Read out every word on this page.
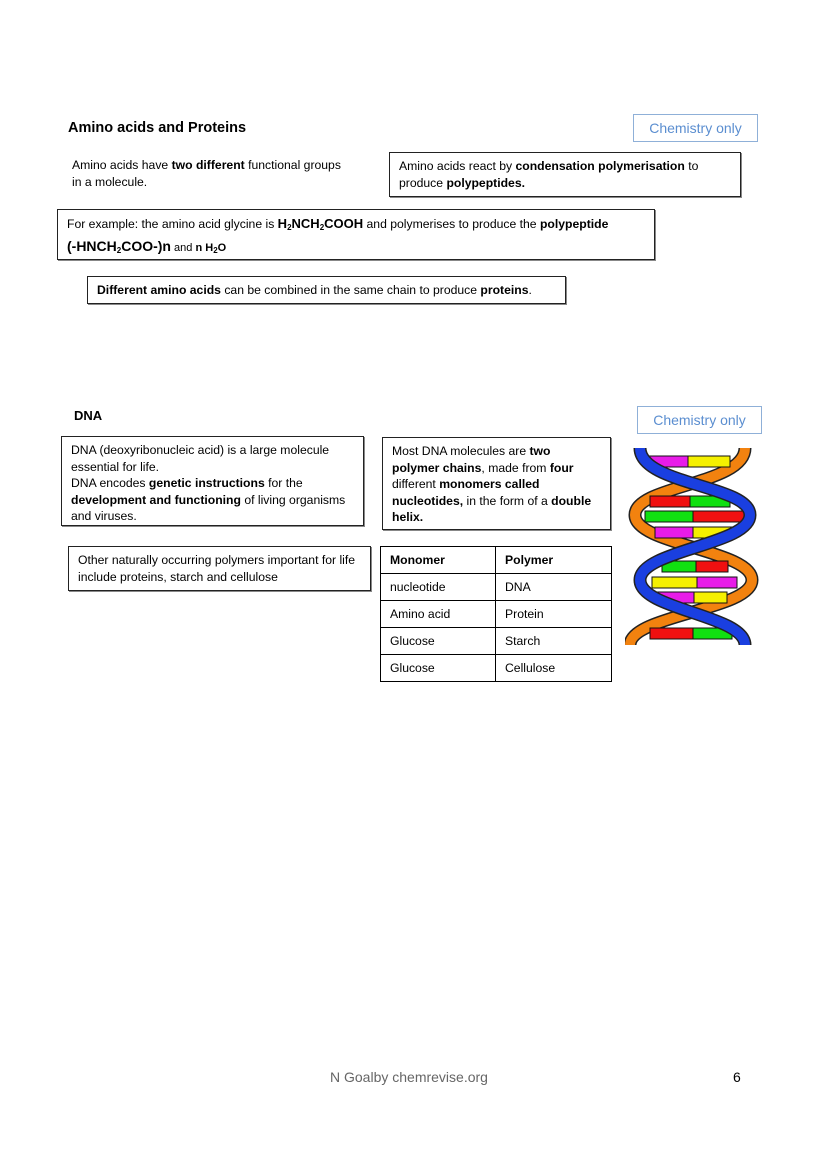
Amino acids and Proteins	Chemistry only
Amino acids have two different functional groups in a molecule.
Amino acids react by condensation polymerisation to produce polypeptides.
For example: the amino acid glycine is $H_2NCH_2COOH$ and polymerises to produce the polypeptide
$(-HNCH_2COO-)n$ and n $H_2O$
Different amino acids can be combined in the same chain to produce proteins.
DNA	Chemistry only
DNA (deoxyribonucleic acid) is a large molecule essential for life.
DNA encodes genetic instructions for the development and functioning of living organisms and viruses.
Most DNA molecules are two polymer chains, made from four different monomers called nucleotides, in the form of a double helix.
Other naturally occurring polymers important for life include proteins, starch and cellulose
Monomer	Polymer
nucleotide	DNA
Amino acid	Protein
Glucose	Starch
Glucose	Cellulose
N Goalby chemrevise.org	6
